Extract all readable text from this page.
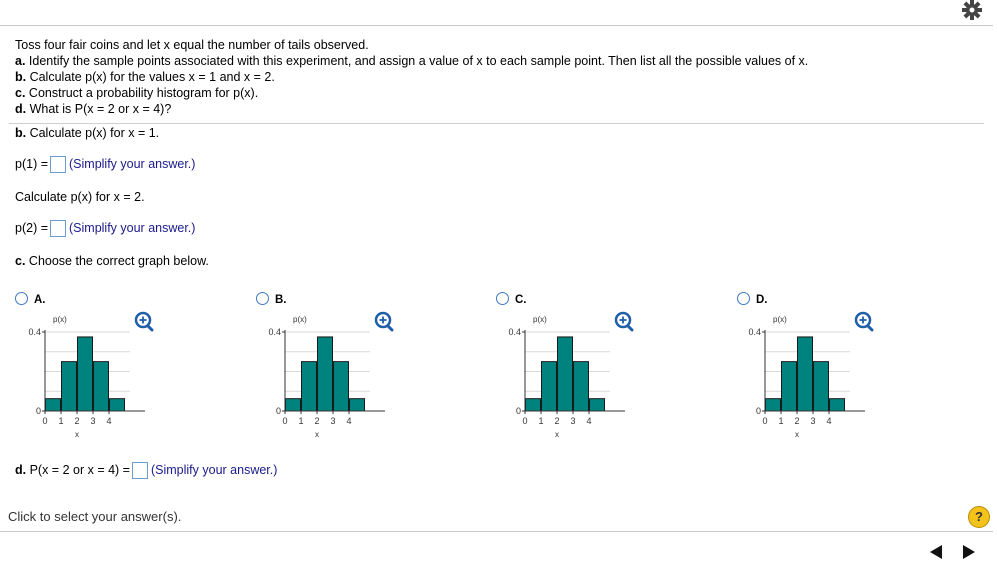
Toss four fair coins and let x equal the number of tails observed.
a. Identify the sample points associated with this experiment, and assign a value of x to each sample point. Then list all the possible values of x.
b. Calculate p(x) for the values x = 1 and x = 2.
c. Construct a probability histogram for p(x).
d. What is P(x = 2 or x = 4)?
b. Calculate p(x) for x = 1.
p(1) = (Simplify your answer.)
Calculate p(x) for x = 2.
p(2) = (Simplify your answer.)
c. Choose the correct graph below.
A.	B.	C.	D.
0.4
0
p(x)
0 1 2 3 4
x
0.4
0
p(x)
0 1 2 3 4
x
0.4
0
p(x)
0 1 2 3 4
x
0.4
0
p(x)
0 1 2 3 4
x
d. P(x = 2 or x = 4) = (Simplify your answer.)
Click to select your answer(s).	?
